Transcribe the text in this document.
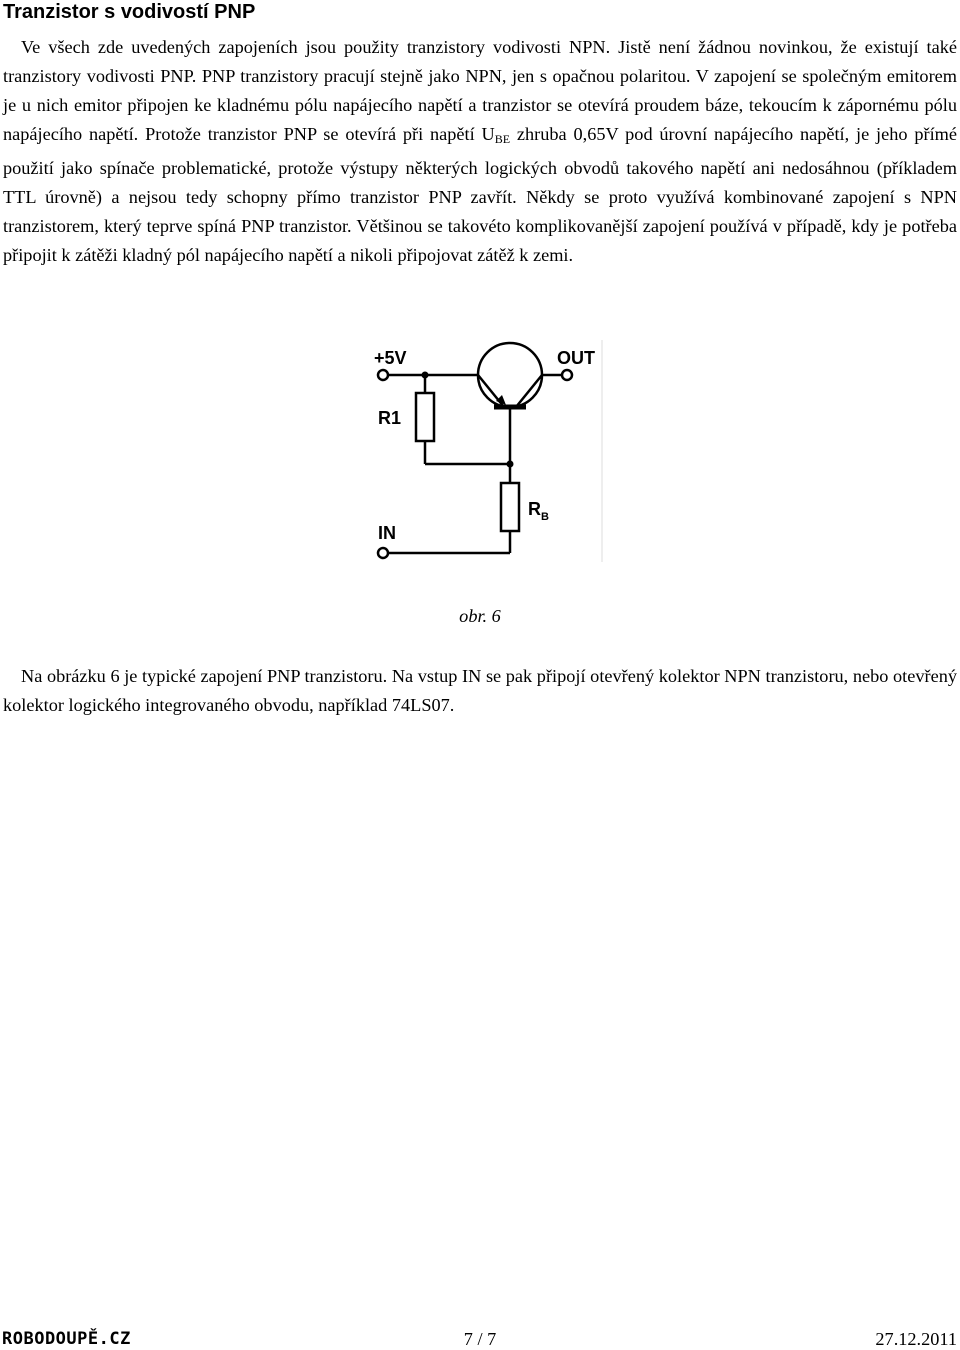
Tranzistor s vodivostí PNP

Ve všech zde uvedených zapojeních jsou použity tranzistory vodivosti NPN. Jistě není žádnou novinkou, že existují také tranzistory vodivosti PNP. PNP tranzistory pracují stejně jako NPN, jen s opačnou polaritou. V zapojení se společným emitorem je u nich emitor připojen ke kladnému pólu napájecího napětí a tranzistor se otevírá proudem báze, tekoucím k zápornému pólu napájecího napětí. Protože tranzistor PNP se otevírá při napětí $U_{BE}$ zhruba 0,65V pod úrovní napájecího napětí, je jeho přímé použití jako spínače problematické, protože výstupy některých logických obvodů takového napětí ani nedosáhnou (příkladem TTL úrovně) a nejsou tedy schopny přímo tranzistor PNP zavřít. Někdy se proto využívá kombinované zapojení s NPN tranzistorem, který teprve spíná PNP tranzistor. Většinou se takovéto komplikovanější zapojení používá v případě, kdy je potřeba připojit k zátěži kladný pól napájecího napětí a nikoli připojovat zátěž k zemi.

+5V	OUT
R1
$R_B$
IN

obr. 6

Na obrázku 6 je typické zapojení PNP tranzistoru. Na vstup IN se pak připojí otevřený kolektor NPN tranzistoru, nebo otevřený kolektor logického integrovaného obvodu, například 74LS07.

ROBODOUPĚ.CZ	7 / 7	27.12.2011
